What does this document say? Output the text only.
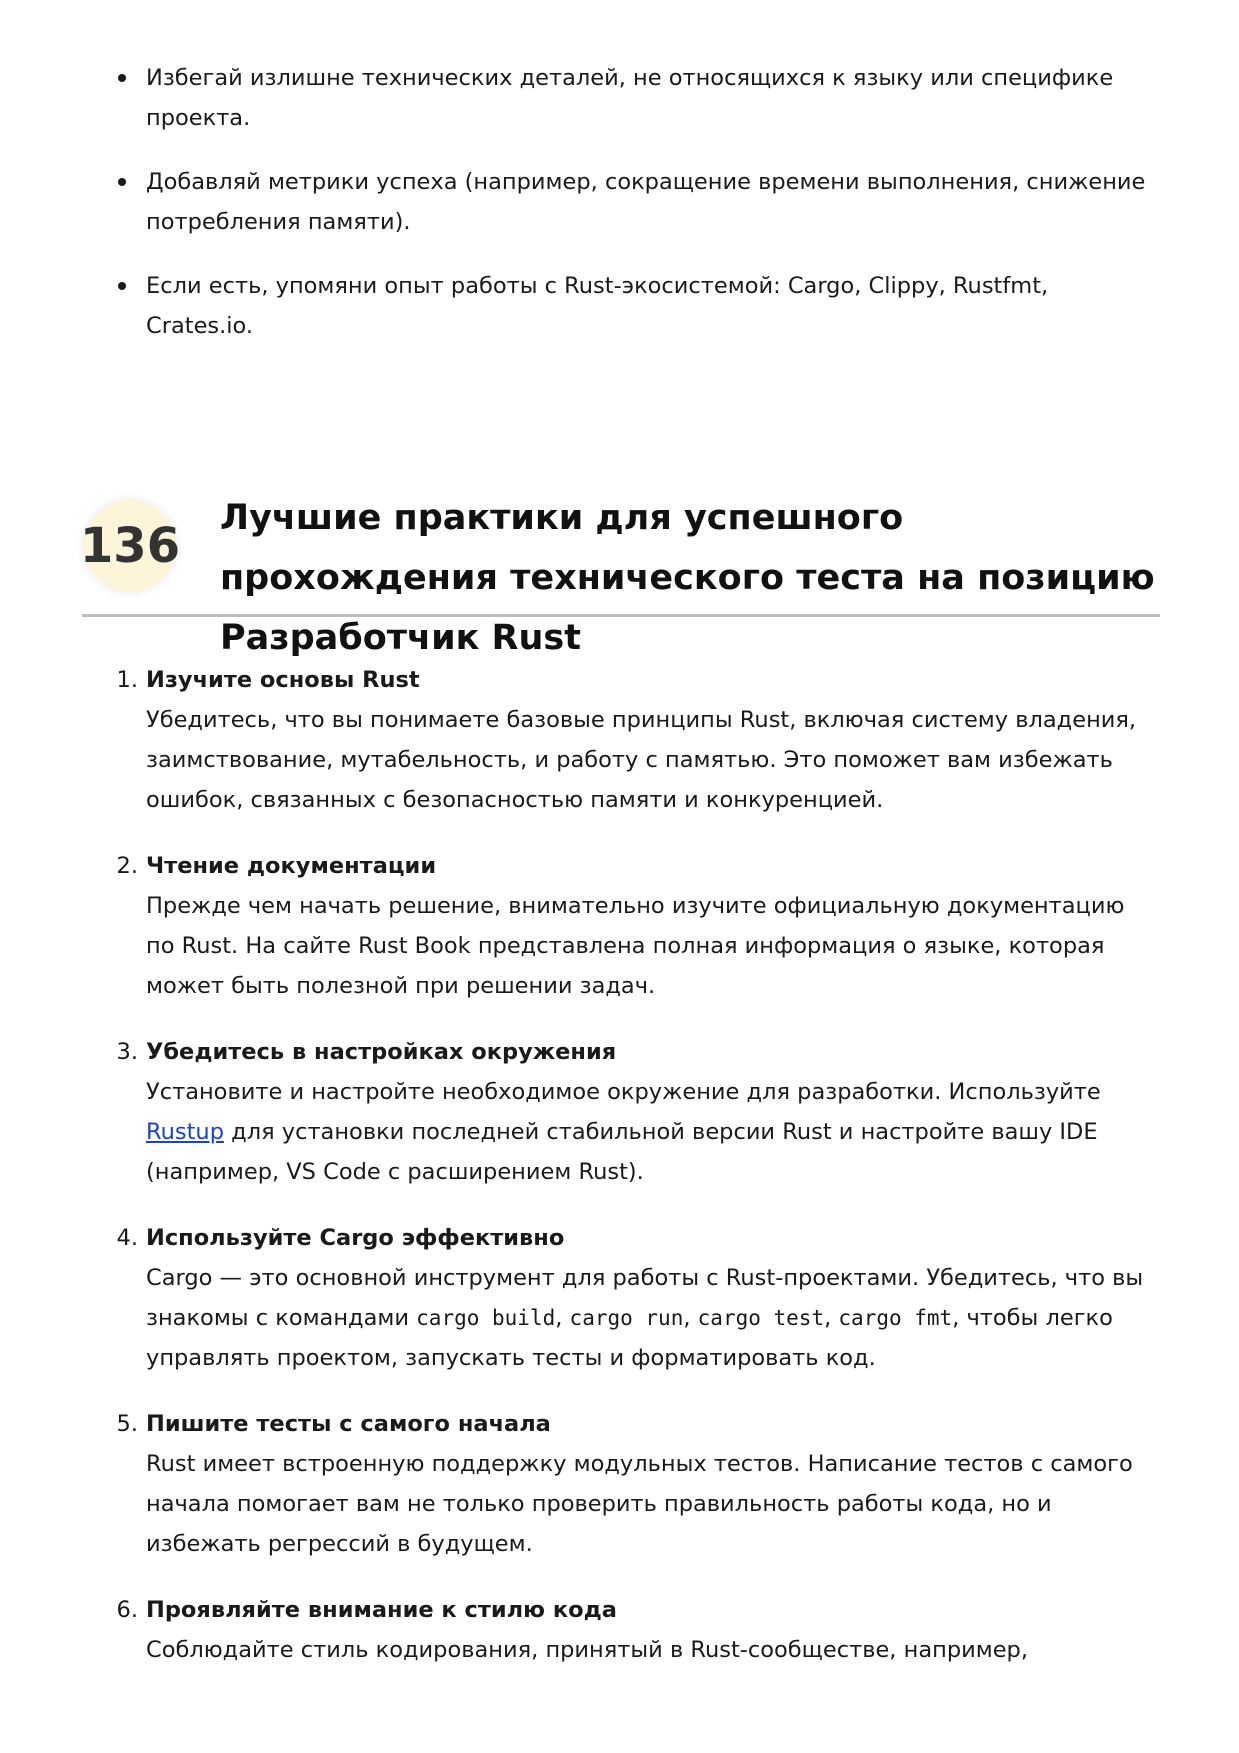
Избегай излишне технических деталей, не относящихся к языку или специфике проекта.
Добавляй метрики успеха (например, сокращение времени выполнения, снижение потребления памяти).
Если есть, упомяни опыт работы с Rust-экосистемой: Cargo, Clippy, Rustfmt, Crates.io.
136 Лучшие практики для успешного прохождения технического теста на позицию Разработчик Rust
1. Изучите основы Rust
Убедитесь, что вы понимаете базовые принципы Rust, включая систему владения, заимствование, мутабельность, и работу с памятью. Это поможет вам избежать ошибок, связанных с безопасностью памяти и конкуренцией.
2. Чтение документации
Прежде чем начать решение, внимательно изучите официальную документацию по Rust. На сайте Rust Book представлена полная информация о языке, которая может быть полезной при решении задач.
3. Убедитесь в настройках окружения
Установите и настройте необходимое окружение для разработки. Используйте Rustup для установки последней стабильной версии Rust и настройте вашу IDE (например, VS Code с расширением Rust).
4. Используйте Cargo эффективно
Cargo — это основной инструмент для работы с Rust-проектами. Убедитесь, что вы знакомы с командами cargo build, cargo run, cargo test, cargo fmt, чтобы легко управлять проектом, запускать тесты и форматировать код.
5. Пишите тесты с самого начала
Rust имеет встроенную поддержку модульных тестов. Написание тестов с самого начала помогает вам не только проверить правильность работы кода, но и избежать регрессий в будущем.
6. Проявляйте внимание к стилю кода
Соблюдайте стиль кодирования, принятый в Rust-сообществе, например,
